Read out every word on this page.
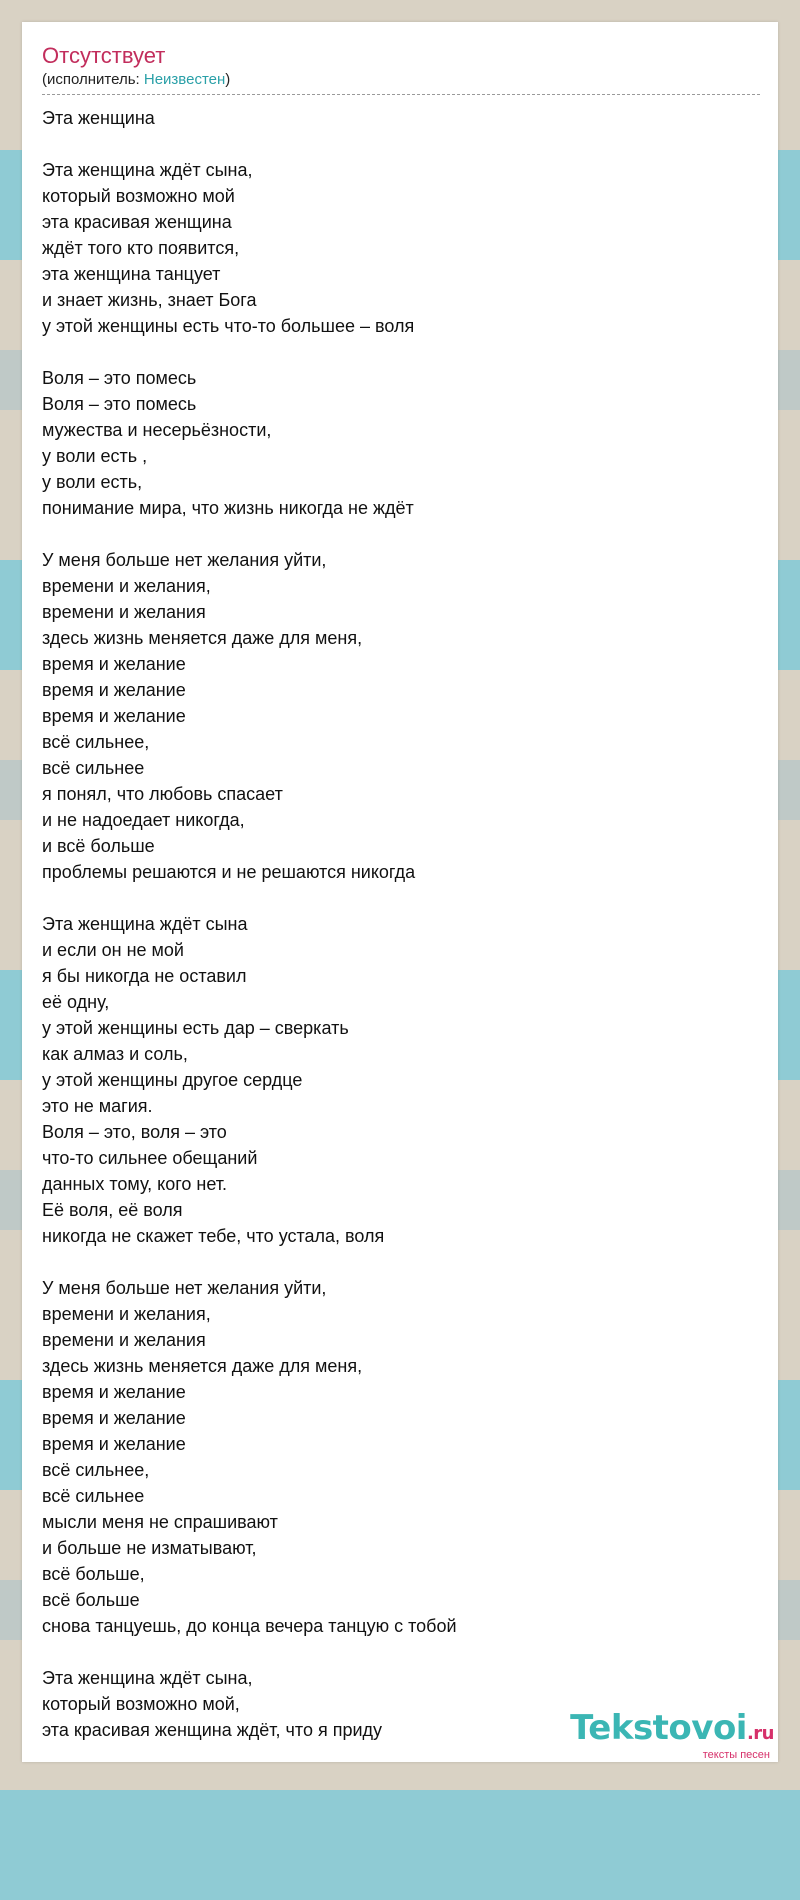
Отсутствует
(исполнитель: Неизвестен)
Эта женщина
Эта женщина ждёт сына,
который возможно мой
эта красивая женщина
ждёт того кто появится,
эта женщина танцует
и знает жизнь, знает Бога
у этой женщины есть что-то большее – воля
Воля – это помесь
Воля – это помесь
мужества и несерьёзности,
у воли есть ,
у воли есть,
понимание мира, что жизнь никогда не ждёт
У меня больше нет желания уйти,
времени и желания,
времени и желания
здесь жизнь меняется даже для меня,
время и желание
время и желание
время и желание
всё сильнее,
всё сильнее
я понял, что любовь спасает
и не надоедает никогда,
и всё больше
проблемы решаются и не решаются никогда
Эта женщина ждёт сына
и если он не мой
я бы никогда не оставил
её одну,
у этой женщины есть дар – сверкать
как алмаз и соль,
у этой женщины другое сердце
это не магия.
Воля – это, воля – это
что-то сильнее обещаний
данных тому, кого нет.
Её воля, её воля
никогда не скажет тебе, что устала, воля
У меня больше нет желания уйти,
времени и желания,
времени и желания
здесь жизнь меняется даже для меня,
время и желание
время и желание
время и желание
всё сильнее,
всё сильнее
мысли меня не спрашивают
и больше не изматывают,
всё больше,
всё больше
снова танцуешь, до конца вечера танцую с тобой
Эта женщина ждёт сына,
который возможно мой,
эта красивая женщина ждёт, что я приду	Tekstovoi.ru
тексты песен
